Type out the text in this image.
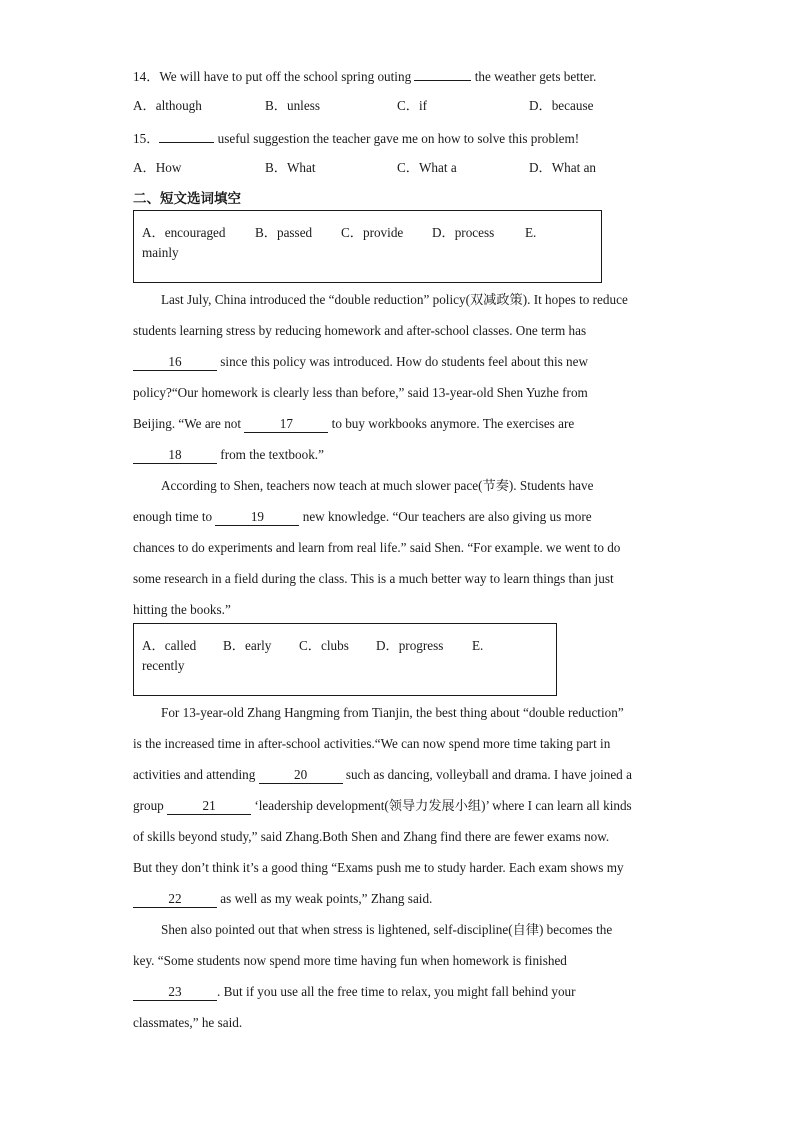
14．We will have to put off the school spring outing	the weather gets better.
A．although	B．unless	C．if	D．because
15．	useful suggestion the teacher gave me on how to solve this problem!
A．How	B．What	C．What a	D．What an
二、短文选词填空
A．encouraged B．passed C．provide D．process E.
mainly
Last July, China introduced the “double reduction” policy(双减政策). It hopes to reduce
students learning stress by reducing homework and after-school classes. One term has
16	since this policy was introduced. How do students feel about this new
policy?“Our homework is clearly less than before,” said 13-year-old Shen Yuzhe from
Beijing. “We are not	17	to buy workbooks anymore. The exercises are
18	from the textbook.”
According to Shen, teachers now teach at much slower pace(节奏). Students have
enough time to	19	new knowledge. “Our teachers are also giving us more
chances to do experiments and learn from real life.” said Shen. “For example. we went to do
some research in a field during the class. This is a much better way to learn things than just
hitting the books.”
A．called B．early C．clubs D．progress E.
recently
For 13-year-old Zhang Hangming from Tianjin, the best thing about “double reduction”
is the increased time in after-school activities.“We can now spend more time taking part in
activities and attending	20	such as dancing, volleyball and drama. I have joined a
group	21	‘leadership development(领导力发展小组)’ where I can learn all kinds
of skills beyond study,” said Zhang.Both Shen and Zhang find there are fewer exams now.
But they don’t think it’s a good thing “Exams push me to study harder. Each exam shows my
22	as well as my weak points,” Zhang said.
Shen also pointed out that when stress is lightened, self-discipline(自律) becomes the
key. “Some students now spend more time having fun when homework is finished
23	. But if you use all the free time to relax, you might fall behind your
classmates,” he said.
